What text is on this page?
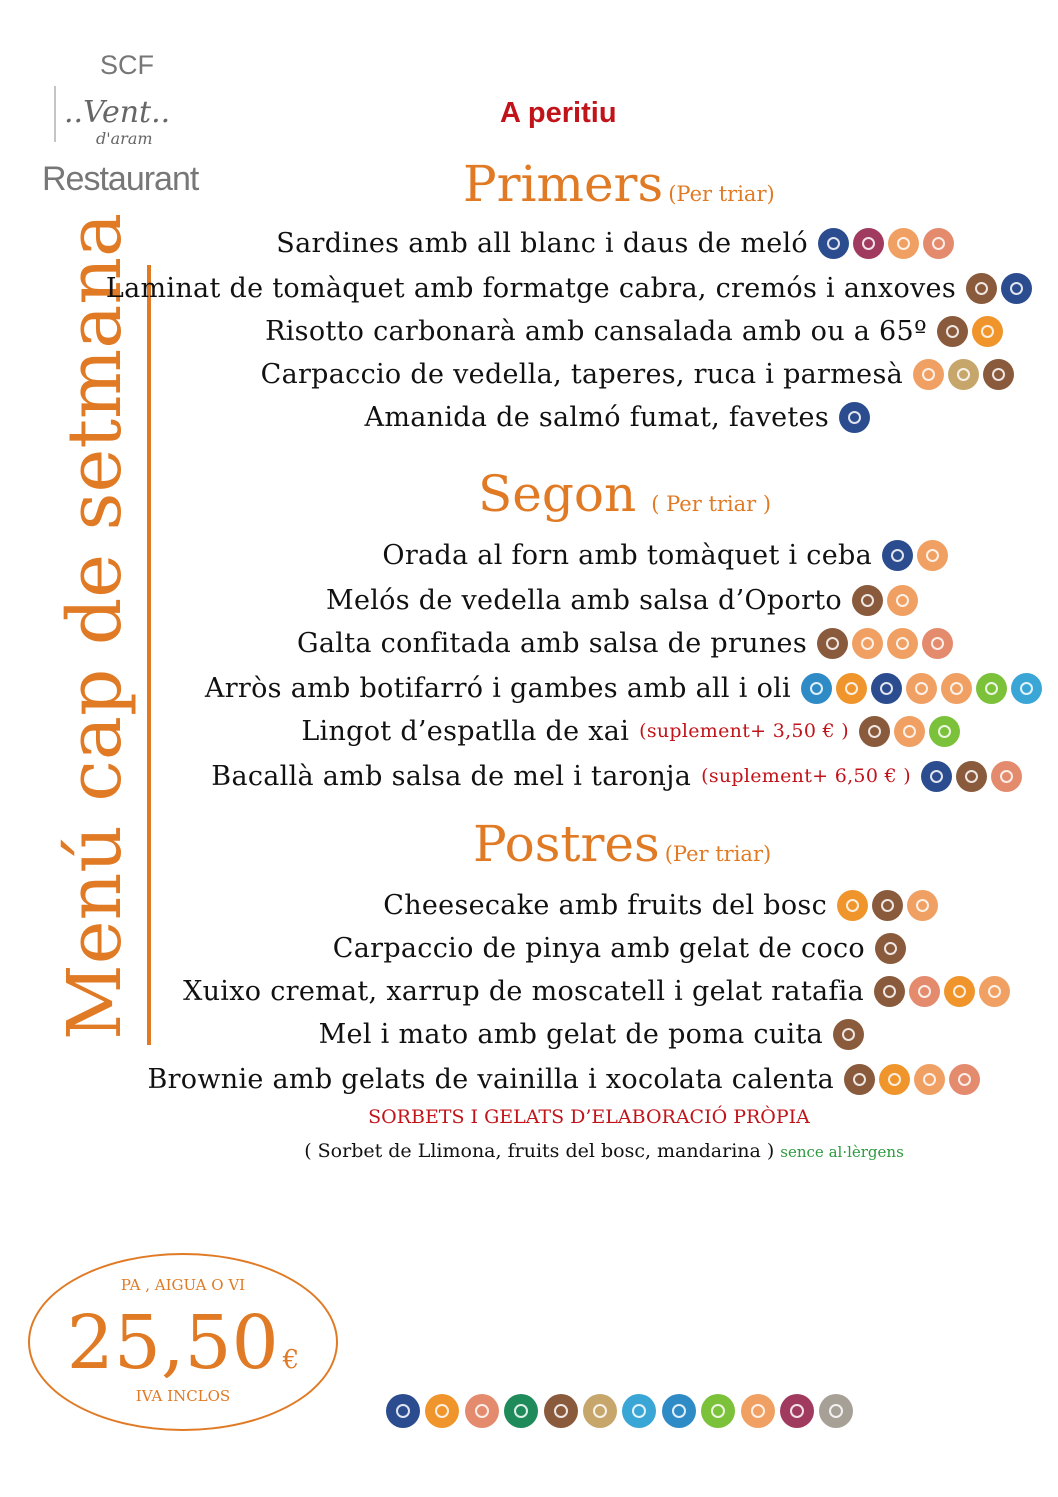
SCF
..Vent..
d'aram
Restaurant
Menú cap de setmana
A peritiu
Primers (Per triar)
Sardines amb all blanc i daus de meló
Laminat de tomàquet amb formatge cabra, cremós i anxoves
Risotto carbonarà amb cansalada amb ou a 65º
Carpaccio de vedella, taperes, ruca i parmesà
Amanida de salmó fumat, favetes
Segon ( Per triar )
Orada al forn amb tomàquet i ceba
Melós de vedella amb salsa d’Oporto
Galta confitada amb salsa de prunes
Arròs amb botifarró i gambes amb all i oli
Lingot d’espatlla de xai (suplement+ 3,50 € )
Bacallà amb salsa de mel i taronja (suplement+ 6,50 € )
Postres (Per triar)
Cheesecake amb fruits del bosc
Carpaccio de pinya amb gelat de coco
Xuixo cremat, xarrup de moscatell i gelat ratafia
Mel i mato amb gelat de poma cuita
Brownie amb gelats de vainilla i xocolata calenta
SORBETS I GELATS D’ELABORACIÓ PRÒPIA
( Sorbet de Llimona, fruits del bosc, mandarina ) sence al·lèrgens
PA , AIGUA O VI
25,50 €
IVA INCLOS
